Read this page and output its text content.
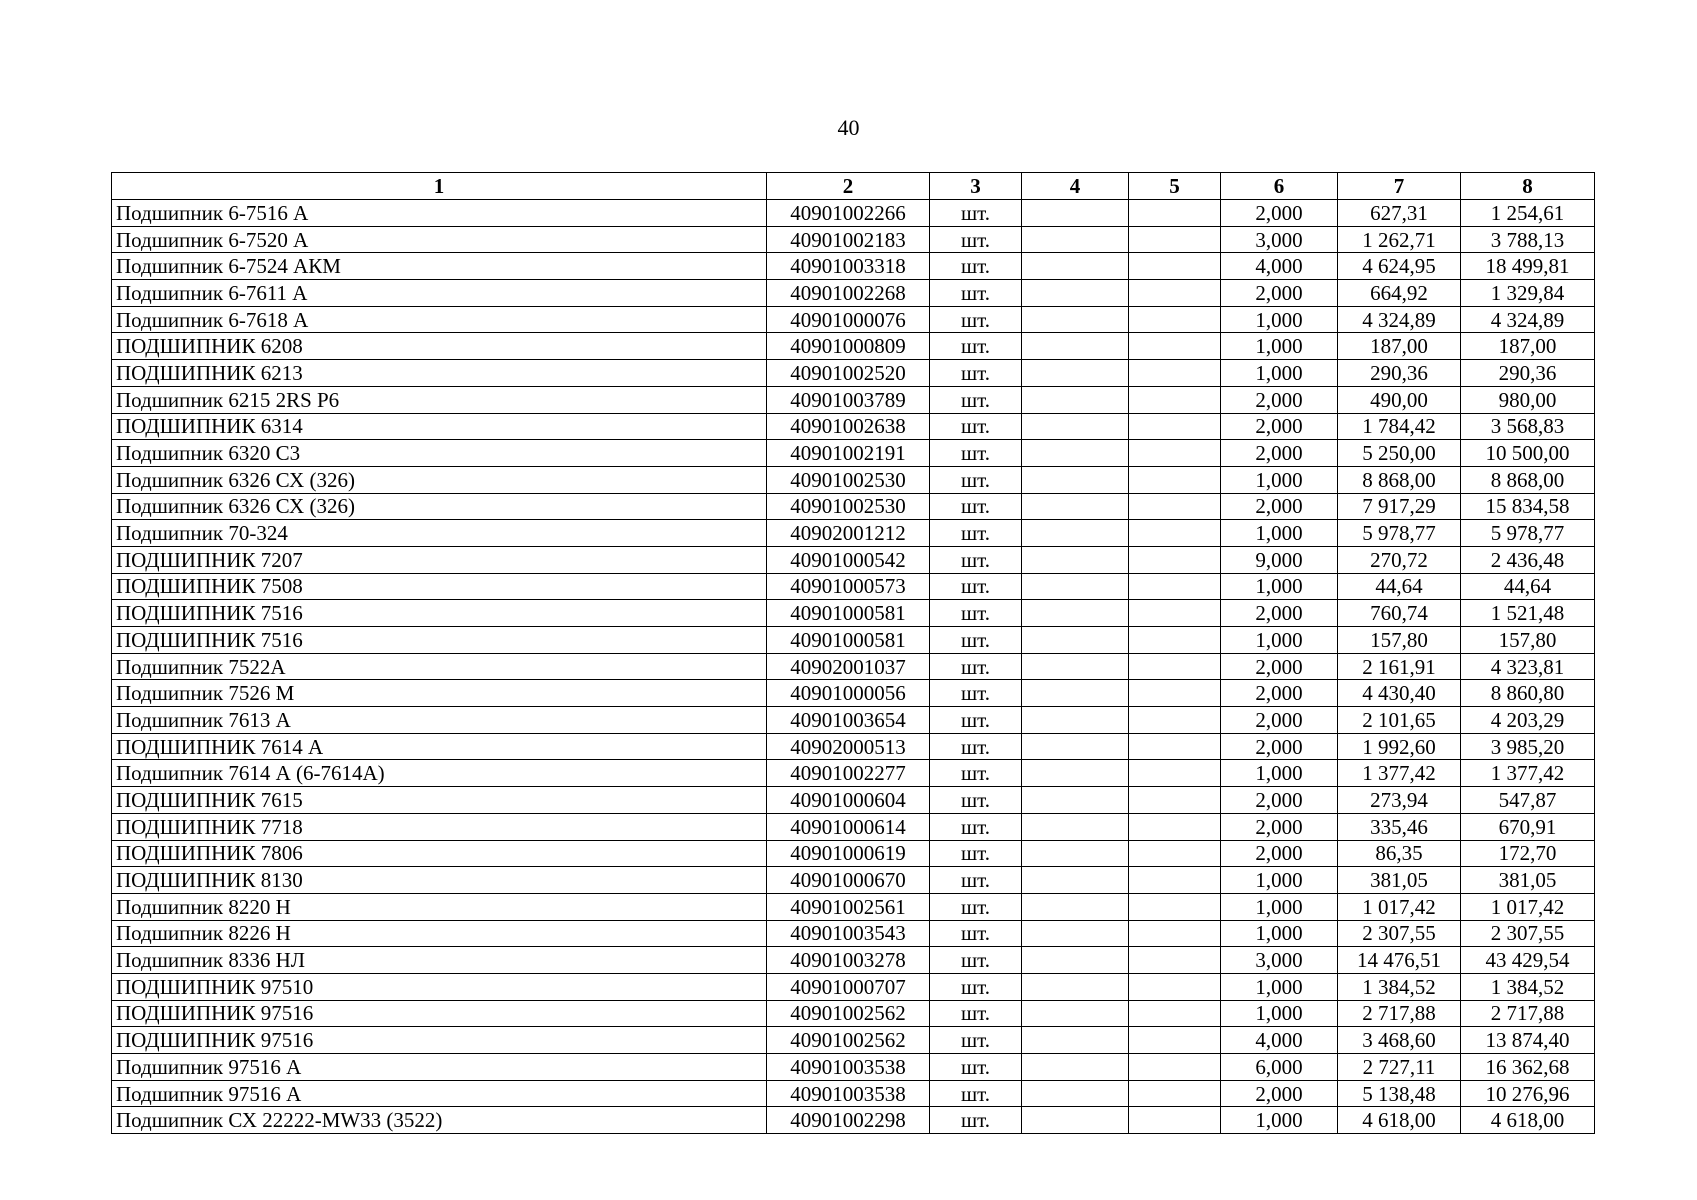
40
1	2	3	4	5	6	7	8
Подшипник 6-7516 А	40901002266	шт.			2,000	627,31	1 254,61
Подшипник 6-7520 А	40901002183	шт.			3,000	1 262,71	3 788,13
Подшипник 6-7524 АКМ	40901003318	шт.			4,000	4 624,95	18 499,81
Подшипник 6-7611 А	40901002268	шт.			2,000	664,92	1 329,84
Подшипник 6-7618 А	40901000076	шт.			1,000	4 324,89	4 324,89
ПОДШИПНИК 6208	40901000809	шт.			1,000	187,00	187,00
ПОДШИПНИК 6213	40901002520	шт.			1,000	290,36	290,36
Подшипник 6215 2RS P6	40901003789	шт.			2,000	490,00	980,00
ПОДШИПНИК 6314	40901002638	шт.			2,000	1 784,42	3 568,83
Подшипник 6320 С3	40901002191	шт.			2,000	5 250,00	10 500,00
Подшипник 6326 СХ (326)	40901002530	шт.			1,000	8 868,00	8 868,00
Подшипник 6326 СХ (326)	40901002530	шт.			2,000	7 917,29	15 834,58
Подшипник 70-324	40902001212	шт.			1,000	5 978,77	5 978,77
ПОДШИПНИК 7207	40901000542	шт.			9,000	270,72	2 436,48
ПОДШИПНИК 7508	40901000573	шт.			1,000	44,64	44,64
ПОДШИПНИК 7516	40901000581	шт.			2,000	760,74	1 521,48
ПОДШИПНИК 7516	40901000581	шт.			1,000	157,80	157,80
Подшипник 7522А	40902001037	шт.			2,000	2 161,91	4 323,81
Подшипник 7526 М	40901000056	шт.			2,000	4 430,40	8 860,80
Подшипник 7613 А	40901003654	шт.			2,000	2 101,65	4 203,29
ПОДШИПНИК 7614 А	40902000513	шт.			2,000	1 992,60	3 985,20
Подшипник 7614 А (6-7614А)	40901002277	шт.			1,000	1 377,42	1 377,42
ПОДШИПНИК 7615	40901000604	шт.			2,000	273,94	547,87
ПОДШИПНИК 7718	40901000614	шт.			2,000	335,46	670,91
ПОДШИПНИК 7806	40901000619	шт.			2,000	86,35	172,70
ПОДШИПНИК 8130	40901000670	шт.			1,000	381,05	381,05
Подшипник 8220 Н	40901002561	шт.			1,000	1 017,42	1 017,42
Подшипник 8226 Н	40901003543	шт.			1,000	2 307,55	2 307,55
Подшипник 8336 НЛ	40901003278	шт.			3,000	14 476,51	43 429,54
ПОДШИПНИК 97510	40901000707	шт.			1,000	1 384,52	1 384,52
ПОДШИПНИК 97516	40901002562	шт.			1,000	2 717,88	2 717,88
ПОДШИПНИК 97516	40901002562	шт.			4,000	3 468,60	13 874,40
Подшипник 97516 А	40901003538	шт.			6,000	2 727,11	16 362,68
Подшипник 97516 А	40901003538	шт.			2,000	5 138,48	10 276,96
Подшипник СХ 22222-MW33 (3522)	40901002298	шт.			1,000	4 618,00	4 618,00
